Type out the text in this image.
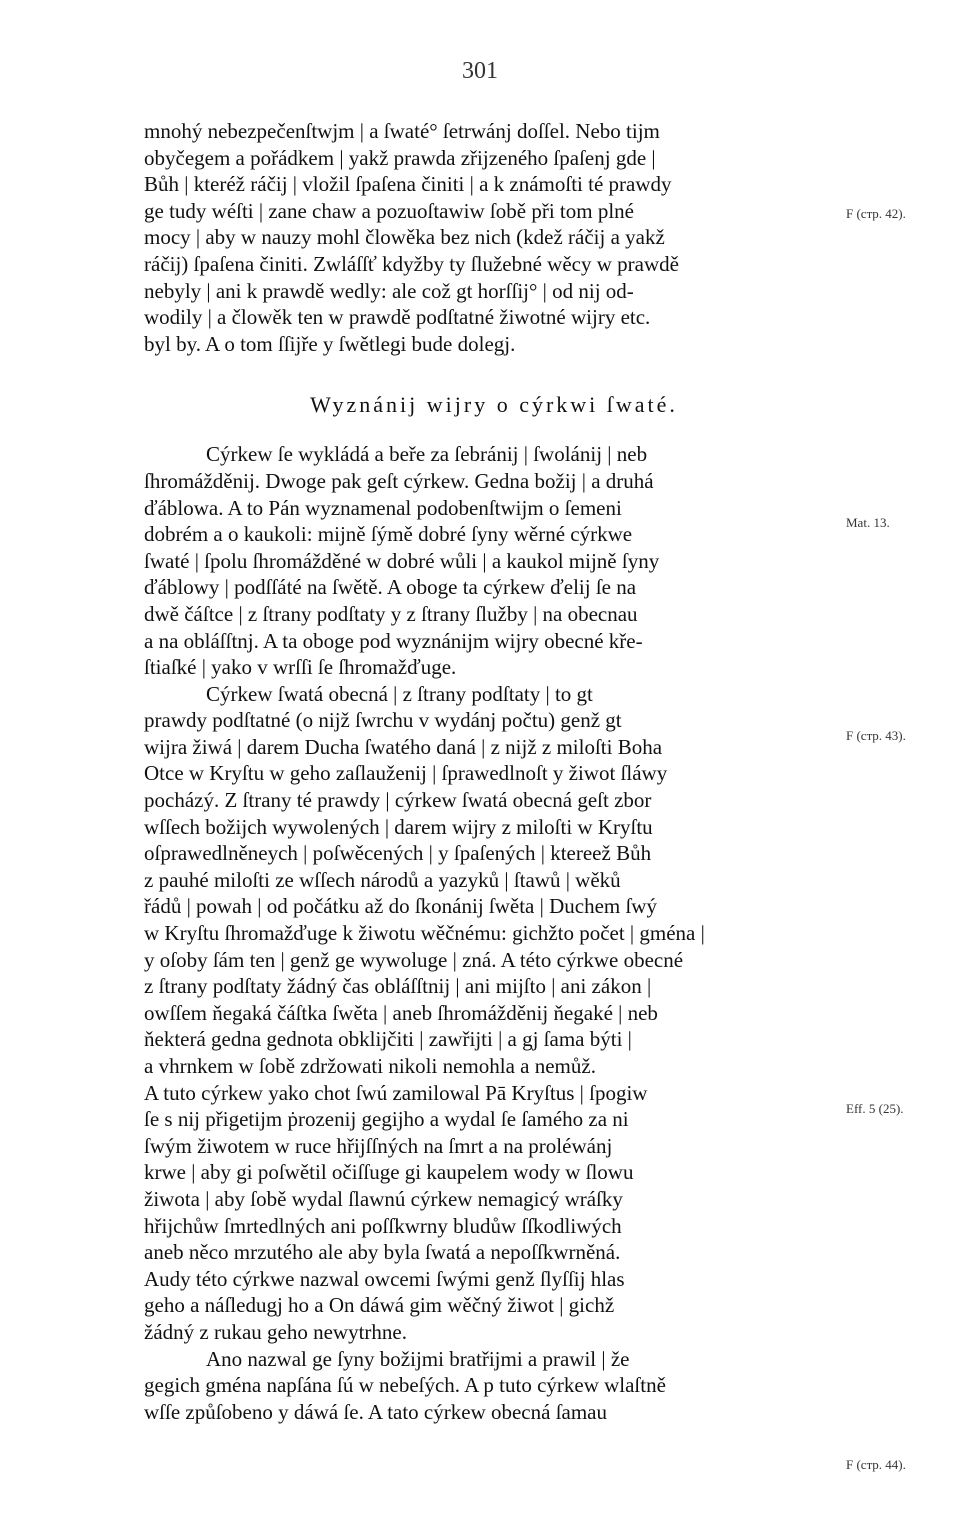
301
mnohý nebezpečenſtwjm | a ſwaté° ſetrwánj doſſel. Nebo tijm
obyčegem a pořádkem | yakž prawda zřijzeného ſpaſenj gde |
Bůh | kteréž ráčij | vložil ſpaſena činiti | a k známoſti té prawdy
ge tudy wéſti | zane chaw a pozuoſtawiw ſobě při tom plné
mocy | aby w nauzy mohl člowěka bez nich (kdež ráčij a yakž
ráčij) ſpaſena činiti. Zwláſſť kdyžby ty ſlužebné wěcy w prawdě
nebyly | ani k prawdě wedly: ale což gt horſſij° | od nij od-
wodily | a člowěk ten w prawdě podſtatné žiwotné wijry etc.
byl by. A o tom ſſijře y ſwětlegi bude dolegj.
Wyznánij wijry o cýrkwi ſwaté.
Cýrkew ſe wykládá a beře za ſebránij | ſwolánij | neb
ſhromážděnij. Dwoge pak geſt cýrkew. Gedna božij | a druhá
ďáblowa. A to Pán wyznamenal podobenſtwijm o ſemeni
dobrém a o kaukoli: mijně ſýmě dobré ſyny wěrné cýrkwe
ſwaté | ſpolu ſhromážděné w dobré wůli | a kaukol mijně ſyny
ďáblowy | podſſáté na ſwětě. A oboge ta cýrkew ďelij ſe na
dwě čáſtce | z ſtrany podſtaty y z ſtrany ſlužby | na obecnau
a na obláſſtnj. A ta oboge pod wyznánijm wijry obecné kře-
ſtiaſké | yako v wrſſi ſe ſhromažďuge.
Cýrkew ſwatá obecná | z ſtrany podſtaty | to gt
prawdy podſtatné (o nijž ſwrchu v wydánj počtu) genž gt
wijra žiwá | darem Ducha ſwatého daná | z nijž z miloſti Boha
Otce w Kryſtu w geho zaſlauženij | ſprawedlnoſt y žiwot ſláwy
pocházý. Z ſtrany té prawdy | cýrkew ſwatá obecná geſt zbor
wſſech božijch wywolených | darem wijry z miloſti w Kryſtu
oſprawedlněneych | poſwěcených | y ſpaſených | ktereež Bůh
z pauhé miloſti ze wſſech národů a yazyků | ſtawů | wěků
řádů | powah | od počátku až do ſkonánij ſwěta | Duchem ſwý
w Kryſtu ſhromažďuge k žiwotu wěčnému: gichžto počet | gména |
y oſoby ſám ten | genž ge wywoluge | zná. A této cýrkwe obecné
z ſtrany podſtaty žádný čas obláſſtnij | ani mijſto | ani zákon |
owſſem ňegaká čáſtka ſwěta | aneb ſhromážděnij ňegaké | neb
ňekterá gedna gednota obklijčiti | zawřijti | a gj ſama býti |
a vhrnkem w ſobě zdržowati nikoli nemohla a nemůž.
A tuto cýrkew yako chot ſwú zamilowal Pā Kryſtus | ſpogiw
ſe s nij přigetijm ṗrozenij gegijho a wydal ſe ſamého za ni
ſwým žiwotem w ruce hřijſſných na ſmrt a na proléwánj
krwe | aby gi poſwětil očiſſuge gi kaupelem wody w ſlowu
žiwota | aby ſobě wydal ſlawnú cýrkew nemagicý wráſky
hřijchůw ſmrtedlných ani poſſkwrny bludůw ſſkodliwých
aneb něco mrzutého ale aby byla ſwatá a nepoſſkwrněná.
Audy této cýrkwe nazwal owcemi ſwými genž ſlyſſij hlas
geho a náſledugj ho a On dáwá gim wěčný žiwot | gichž
žádný z rukau geho newytrhne.
Ano nazwal ge ſyny božijmi bratřijmi a prawil | že
gegich gména napſána ſú w nebeſých. A p tuto cýrkew wlaſtně
wſſe způſobeno y dáwá ſe. A tato cýrkew obecná ſamau
F (cтp. 42).
Mat. 13.
F (cтp. 43).
Eff. 5 (25).
F (cтp. 44).
